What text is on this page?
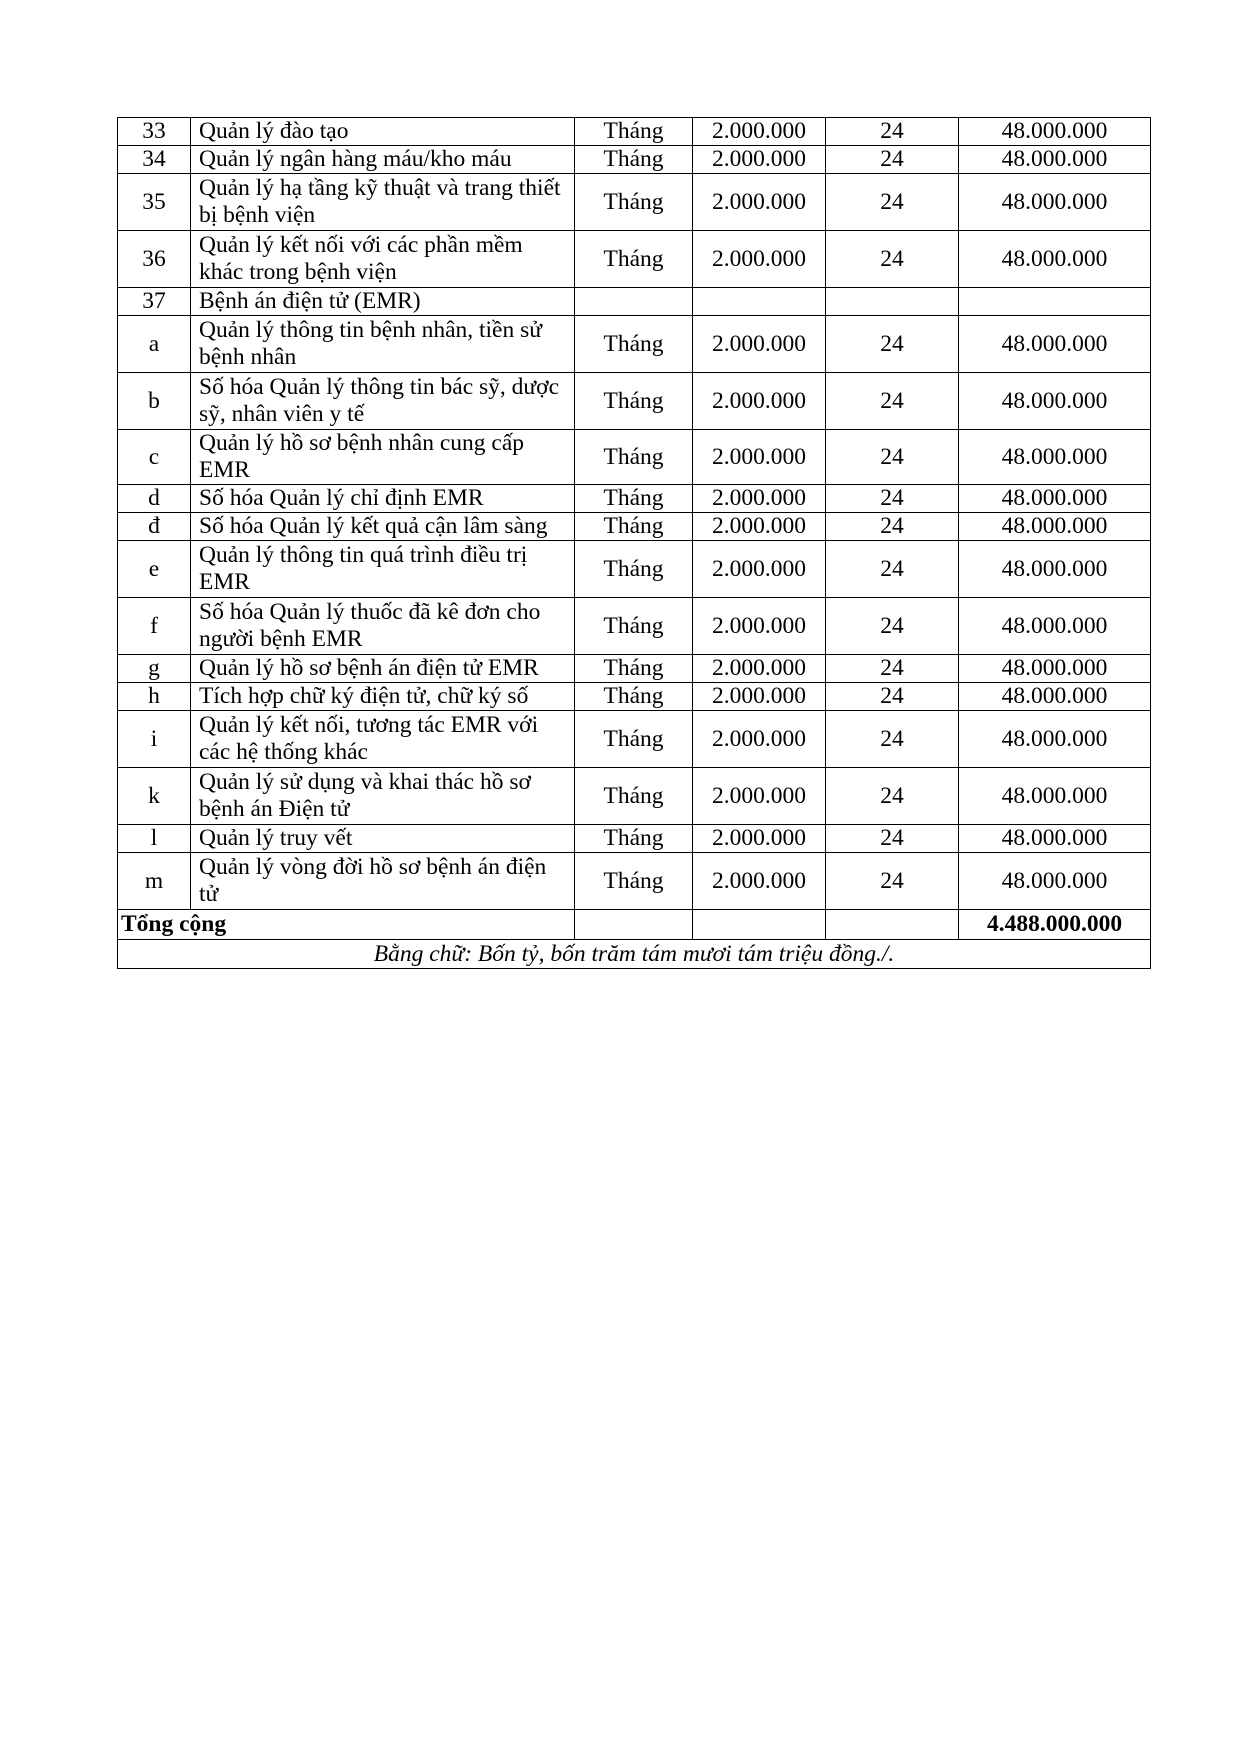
33	Quản lý đào tạo	Tháng	2.000.000	24	48.000.000
34	Quản lý ngân hàng máu/kho máu	Tháng	2.000.000	24	48.000.000
35	Quản lý hạ tầng kỹ thuật và trang thiết bị bệnh viện	Tháng	2.000.000	24	48.000.000
36	Quản lý kết nối với các phần mềm khác trong bệnh viện	Tháng	2.000.000	24	48.000.000
37	Bệnh án điện tử (EMR)				
a	Quản lý thông tin bệnh nhân, tiền sử bệnh nhân	Tháng	2.000.000	24	48.000.000
b	Số hóa Quản lý thông tin bác sỹ, dược sỹ, nhân viên y tế	Tháng	2.000.000	24	48.000.000
c	Quản lý hồ sơ bệnh nhân cung cấp EMR	Tháng	2.000.000	24	48.000.000
d	Số hóa Quản lý chỉ định EMR	Tháng	2.000.000	24	48.000.000
đ	Số hóa Quản lý kết quả cận lâm sàng	Tháng	2.000.000	24	48.000.000
e	Quản lý thông tin quá trình điều trị EMR	Tháng	2.000.000	24	48.000.000
f	Số hóa Quản lý thuốc đã kê đơn cho người bệnh EMR	Tháng	2.000.000	24	48.000.000
g	Quản lý hồ sơ bệnh án điện tử EMR	Tháng	2.000.000	24	48.000.000
h	Tích hợp chữ ký điện tử, chữ ký số	Tháng	2.000.000	24	48.000.000
i	Quản lý kết nối, tương tác EMR với các hệ thống khác	Tháng	2.000.000	24	48.000.000
k	Quản lý sử dụng và khai thác hồ sơ bệnh án Điện tử	Tháng	2.000.000	24	48.000.000
l	Quản lý truy vết	Tháng	2.000.000	24	48.000.000
m	Quản lý vòng đời hồ sơ bệnh án điện tử	Tháng	2.000.000	24	48.000.000
Tổng cộng					4.488.000.000
Bằng chữ: Bốn tỷ, bốn trăm tám mươi tám triệu đồng./.					
